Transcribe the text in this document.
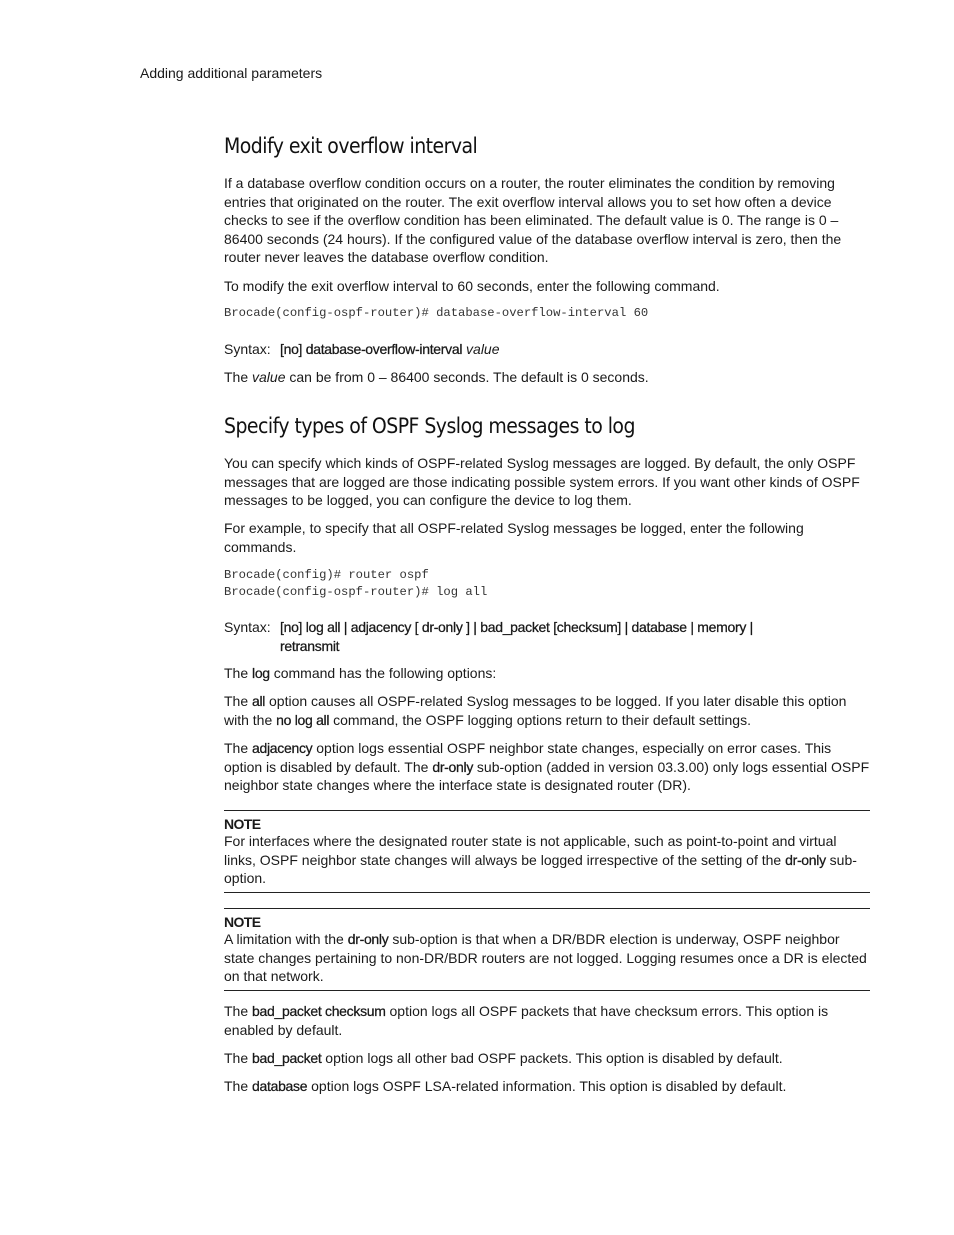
Adding additional parameters
Modify exit overflow interval

If a database overflow condition occurs on a router, the router eliminates the condition by removing entries that originated on the router. The exit overflow interval allows you to set how often a device checks to see if the overflow condition has been eliminated. The default value is 0. The range is 0 – 86400 seconds (24 hours). If the configured value of the database overflow interval is zero, then the router never leaves the database overflow condition.

To modify the exit overflow interval to 60 seconds, enter the following command.

Brocade(config-ospf-router)# database-overflow-interval 60
Syntax: [no] database-overflow-interval value

The value can be from 0 – 86400 seconds. The default is 0 seconds.

Specify types of OSPF Syslog messages to log

You can specify which kinds of OSPF-related Syslog messages are logged. By default, the only OSPF messages that are logged are those indicating possible system errors. If you want other kinds of OSPF messages to be logged, you can configure the device to log them.

For example, to specify that all OSPF-related Syslog messages be logged, enter the following commands.

Brocade(config)# router ospf
Brocade(config-ospf-router)# log all
Syntax: [no] log all | adjacency [ dr-only ] | bad_packet [checksum] | database | memory |
retransmit

The log command has the following options:

The all option causes all OSPF-related Syslog messages to be logged. If you later disable this option with the no log all command, the OSPF logging options return to their default settings.

The adjacency option logs essential OSPF neighbor state changes, especially on error cases. This option is disabled by default. The dr-only sub-option (added in version 03.3.00) only logs essential OSPF neighbor state changes where the interface state is designated router (DR).

NOTE
For interfaces where the designated router state is not applicable, such as point-to-point and virtual links, OSPF neighbor state changes will always be logged irrespective of the setting of the dr-only sub-option.
NOTE
A limitation with the dr-only sub-option is that when a DR/BDR election is underway, OSPF neighbor state changes pertaining to non-DR/BDR routers are not logged. Logging resumes once a DR is elected on that network.

The bad_packet checksum option logs all OSPF packets that have checksum errors. This option is enabled by default.

The bad_packet option logs all other bad OSPF packets. This option is disabled by default.

The database option logs OSPF LSA-related information. This option is disabled by default.
